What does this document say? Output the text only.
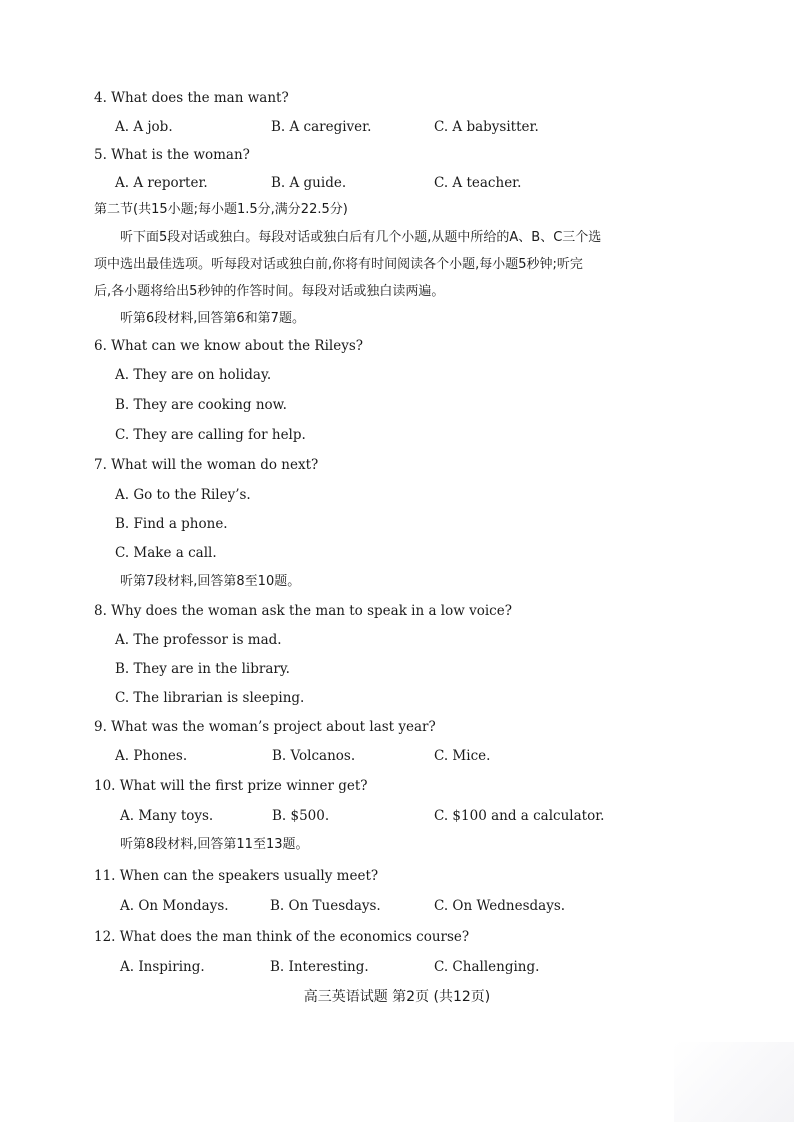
4. What does the man want?
A. A job.	B. A caregiver.	C. A babysitter.
5. What is the woman?
A. A reporter.	B. A guide.	C. A teacher.
第二节(共15小题;每小题1.5分,满分22.5分)
听下面5段对话或独白。每段对话或独白后有几个小题,从题中所给的A、B、C三个选
项中选出最佳选项。听每段对话或独白前,你将有时间阅读各个小题,每小题5秒钟;听完
后,各小题将给出5秒钟的作答时间。每段对话或独白读两遍。
听第6段材料,回答第6和第7题。
6. What can we know about the Rileys?
A. They are on holiday.
B. They are cooking now.
C. They are calling for help.
7. What will the woman do next?
A. Go to the Riley’s.
B. Find a phone.
C. Make a call.
听第7段材料,回答第8至10题。
8. Why does the woman ask the man to speak in a low voice?
A. The professor is mad.
B. They are in the library.
C. The librarian is sleeping.
9. What was the woman’s project about last year?
A. Phones.	B. Volcanos.	C. Mice.
10. What will the first prize winner get?
A. Many toys.	B. $500.	C. $100 and a calculator.
听第8段材料,回答第11至13题。
11. When can the speakers usually meet?
A. On Mondays.	B. On Tuesdays.	C. On Wednesdays.
12. What does the man think of the economics course?
A. Inspiring.	B. Interesting.	C. Challenging.
高三英语试题 第2页 (共12页)
